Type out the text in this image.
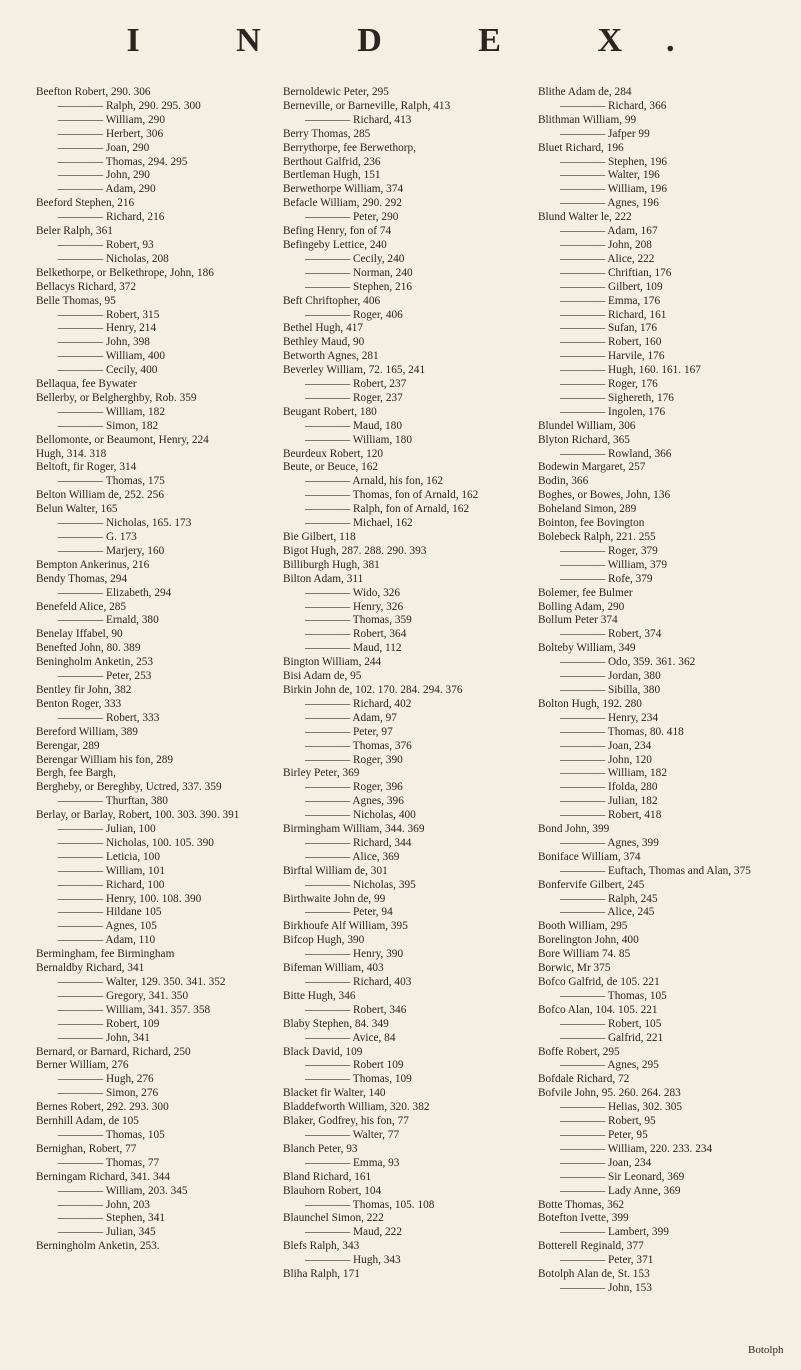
I N D E X.
Beefton Robert, 290. 306
———— Ralph, 290. 295. 300
———— William, 290
———— Herbert, 306
———— Joan, 290
———— Thomas, 294. 295
———— John, 290
———— Adam, 290
Beeford Stephen, 216
———— Richard, 216
Beler Ralph, 361
———— Robert, 93
———— Nicholas, 208
Belkethorpe, or Belkethrope, John, 186
Bellacys Richard, 372
Belle Thomas, 95
———— Robert, 315
———— Henry, 214
———— John, 398
———— William, 400
———— Cecily, 400
Bellaqua, fee Bywater
Bellerby, or Belgherghby, Rob. 359
———— William, 182
———— Simon, 182
Bellomonte, or Beaumont, Henry, 224
Hugh, 314. 318
Beltoft, fir Roger, 314
———— Thomas, 175
Belton William de, 252. 256
Belun Walter, 165
———— Nicholas, 165. 173
———— G. 173
———— Marjery, 160
Bempton Ankerinus, 216
Bendy Thomas, 294
———— Elizabeth, 294
Benefeld Alice, 285
———— Ernald, 380
Benelay Iffabel, 90
Benefted John, 80. 389
Beningholm Anketin, 253
———— Peter, 253
Bentley fir John, 382
Benton Roger, 333
———— Robert, 333
Bereford William, 389
Berengar, 289
Berengar William his fon, 289
Bergh, fee Bargh,
Bergheby, or Bereghby, Uctred, 337. 359
———— Thurftan, 380
Berlay, or Barlay, Robert, 100. 303. 390. 391
———— Julian, 100
———— Nicholas, 100. 105. 390
———— Leticia, 100
———— William, 101
———— Richard, 100
———— Henry, 100. 108. 390
———— Hildane 105
———— Agnes, 105
———— Adam, 110
Bermingham, fee Birmingham
Bernaldby Richard, 341
———— Walter, 129. 350. 341. 352
———— Gregory, 341. 350
———— William, 341. 357. 358
———— Robert, 109
———— John, 341
Bernard, or Barnard, Richard, 250
Berner William, 276
———— Hugh, 276
———— Simon, 276
Bernes Robert, 292. 293. 300
Bernhill Adam, de 105
———— Thomas, 105
Bernighan, Robert, 77
———— Thomas, 77
Berningam Richard, 341. 344
———— William, 203. 345
———— John, 203
———— Stephen, 341
———— Julian, 345
Berningholm Anketin, 253.
Bernoldewic Peter, 295
Berneville, or Barneville, Ralph, 413
———— Richard, 413
Berry Thomas, 285
Berrythorpe, fee Berwethorp,
Berthout Galfrid, 236
Bertleman Hugh, 151
Berwethorpe William, 374
Befacle William, 290. 292
———— Peter, 290
Befing Henry, fon of 74
Befingeby Lettice, 240
———— Cecily, 240
———— Norman, 240
———— Stephen, 216
Beft Chriftopher, 406
———— Roger, 406
Bethel Hugh, 417
Bethley Maud, 90
Betworth Agnes, 281
Beverley William, 72. 165, 241
———— Robert, 237
———— Roger, 237
Beugant Robert, 180
———— Maud, 180
———— William, 180
Beurdeux Robert, 120
Beute, or Beuce, 162
———— Arnald, his fon, 162
———— Thomas, fon of Arnald, 162
———— Ralph, fon of Arnald, 162
———— Michael, 162
Bie Gilbert, 118
Bigot Hugh, 287. 288. 290. 393
Billiburgh Hugh, 381
Bilton Adam, 311
———— Wido, 326
———— Henry, 326
———— Thomas, 359
———— Robert, 364
———— Maud, 112
Bington William, 244
Bisi Adam de, 95
Birkin John de, 102. 170. 284. 294. 376
———— Richard, 402
———— Adam, 97
———— Peter, 97
———— Thomas, 376
———— Roger, 390
Birley Peter, 369
———— Roger, 396
———— Agnes, 396
———— Nicholas, 400
Birmingham William, 344. 369
———— Richard, 344
———— Alice, 369
Birftal William de, 301
———— Nicholas, 395
Birthwaite John de, 99
———— Peter, 94
Birkhoufe Alf William, 395
Bifcop Hugh, 390
———— Henry, 390
Bifeman William, 403
———— Richard, 403
Bitte Hugh, 346
———— Robert, 346
Blaby Stephen, 84. 349
———— Avice, 84
Black David, 109
———— Robert 109
———— Thomas, 109
Blacket fir Walter, 140
Bladdefworth William, 320. 382
Blaker, Godfrey, his fon, 77
———— Walter, 77
Blanch Peter, 93
———— Emma, 93
Bland Richard, 161
Blauhorn Robert, 104
———— Thomas, 105. 108
Blaunchel Simon, 222
———— Maud, 222
Blefs Ralph, 343
———— Hugh, 343
Bliha Ralph, 171
Blithe Adam de, 284
———— Richard, 366
Blithman William, 99
———— Jafper 99
Bluet Richard, 196
———— Stephen, 196
———— Walter, 196
———— William, 196
———— Agnes, 196
Blund Walter le, 222
———— Adam, 167
———— John, 208
———— Alice, 222
———— Chriftian, 176
———— Gilbert, 109
———— Emma, 176
———— Richard, 161
———— Sufan, 176
———— Robert, 160
———— Harvile, 176
———— Hugh, 160. 161. 167
———— Roger, 176
———— Sighereth, 176
———— Ingolen, 176
Blundel William, 306
Blyton Richard, 365
———— Rowland, 366
Bodewin Margaret, 257
Bodin, 366
Boghes, or Bowes, John, 136
Boheland Simon, 289
Bointon, fee Bovington
Bolebeck Ralph, 221. 255
———— Roger, 379
———— William, 379
———— Rofe, 379
Bolemer, fee Bulmer
Bolling Adam, 290
Bollum Peter 374
———— Robert, 374
Bolteby William, 349
———— Odo, 359. 361. 362
———— Jordan, 380
———— Sibilla, 380
Bolton Hugh, 192. 280
———— Henry, 234
———— Thomas, 80. 418
———— Joan, 234
———— John, 120
———— William, 182
———— Ifolda, 280
———— Julian, 182
———— Robert, 418
Bond John, 399
———— Agnes, 399
Boniface William, 374
———— Euftach, Thomas and Alan, 375
Bonfervife Gilbert, 245
———— Ralph, 245
———— Alice, 245
Booth William, 295
Borelington John, 400
Bore William 74. 85
Borwic, Mr 375
Bofco Galfrid, de 105. 221
———— Thomas, 105
Bofco Alan, 104. 105. 221
———— Robert, 105
———— Galfrid, 221
Boffe Robert, 295
———— Agnes, 295
Bofdale Richard, 72
Bofvile John, 95. 260. 264. 283
———— Helias, 302. 305
———— Robert, 95
———— Peter, 95
———— William, 220. 233. 234
———— Joan, 234
———— Sir Leonard, 369
———— Lady Anne, 369
Botte Thomas, 362
Botefton Ivette, 399
———— Lambert, 399
Botterell Reginald, 377
———— Peter, 371
Botolph Alan de, St. 153
———— John, 153
Botolph
